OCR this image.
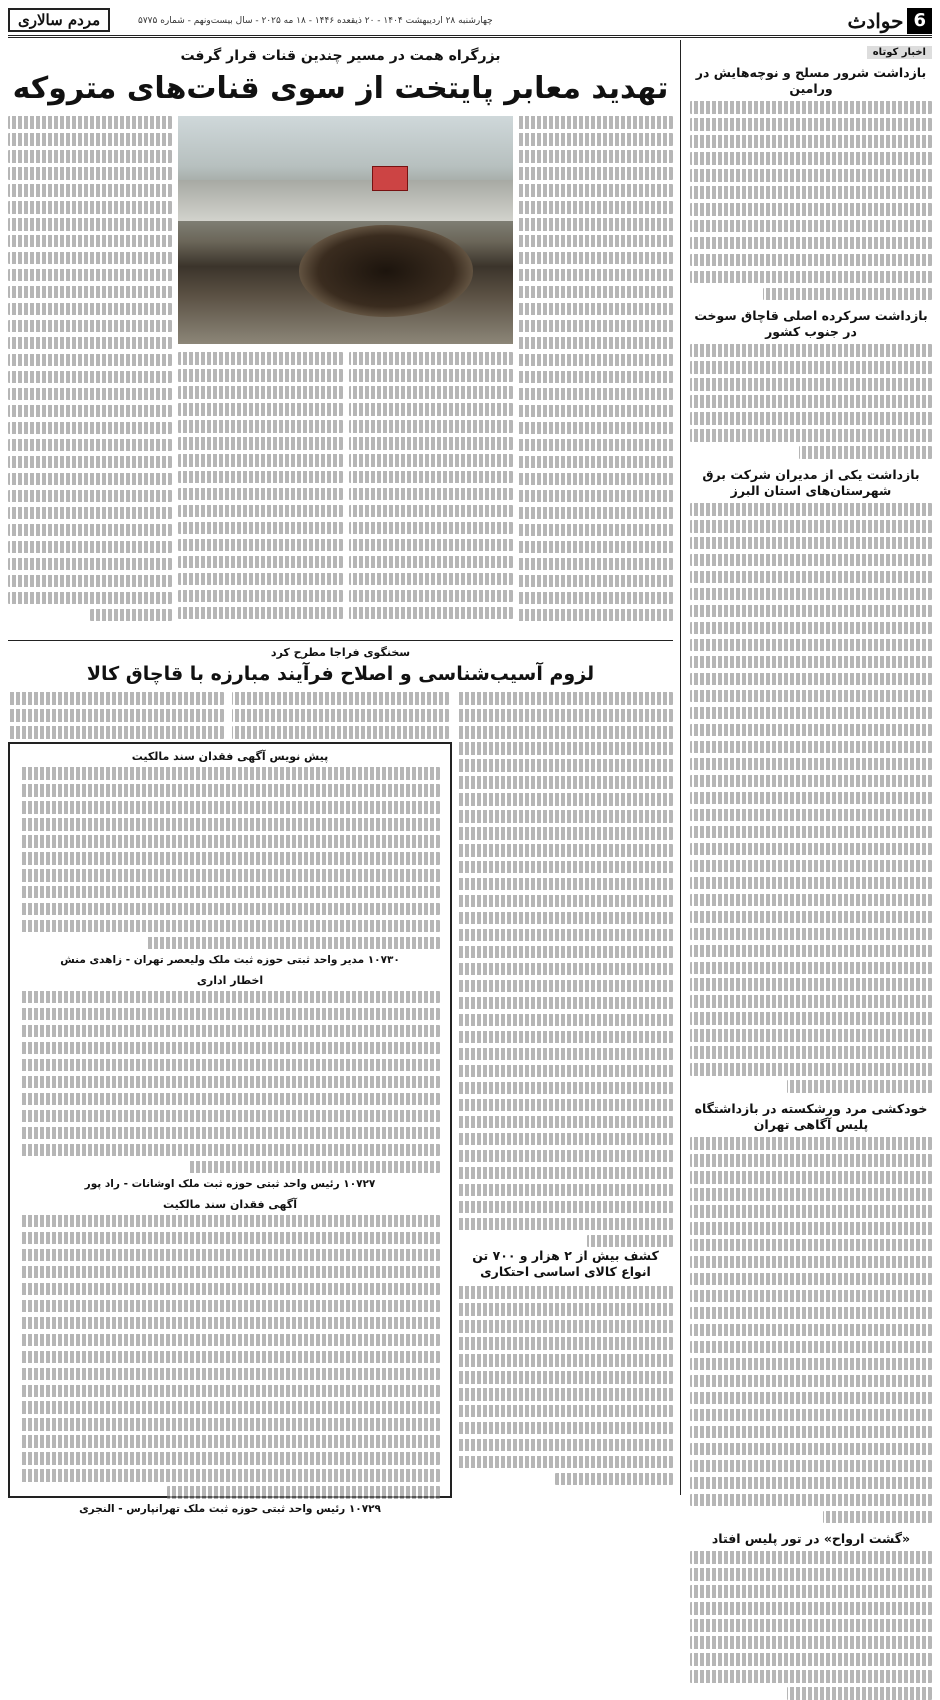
6
حوادث
چهارشنبه ۲۸ اردیبهشت ۱۴۰۴ - ۲۰ ذیقعده ۱۴۴۶ - ۱۸ مه ۲۰۲۵ - سال بیست‌ونهم - شماره ۵۷۷۵
مردم سالاری
اخبار کوتاه
بازداشت شرور مسلح و نوچه‌هایش در ورامین
بازداشت سرکرده اصلی قاچاق سوخت در جنوب کشور
بازداشت یکی از مدیران شرکت برق شهرستان‌های استان البرز
خودکشی مرد ورشکسته در بازداشتگاه پلیس آگاهی تهران
«گشت ارواح» در تور پلیس افتاد
بزرگراه همت در مسیر چندین قنات قرار گرفت
تهدید معابر پایتخت از سوی قنات‌های متروکه
سخنگوی فراجا مطرح کرد
لزوم آسیب‌شناسی و اصلاح فرآیند مبارزه با قاچاق کالا
کشف بیش از ۲ هزار و ۷۰۰ تن انواع کالای اساسی احتکاری
پیش نویس آگهی فقدان سند مالکیت
۱۰۷۳۰ مدیر واحد ثبتی حوزه ثبت ملک ولیعصر تهران - زاهدی منش
اخطار اداری
۱۰۷۲۷ رئیس واحد ثبتی حوزه ثبت ملک اوشانات - راد پور
آگهی فقدان سند مالکیت
۱۰۷۲۹ رئیس واحد ثبتی حوزه ثبت ملک تهرانپارس - النجری
